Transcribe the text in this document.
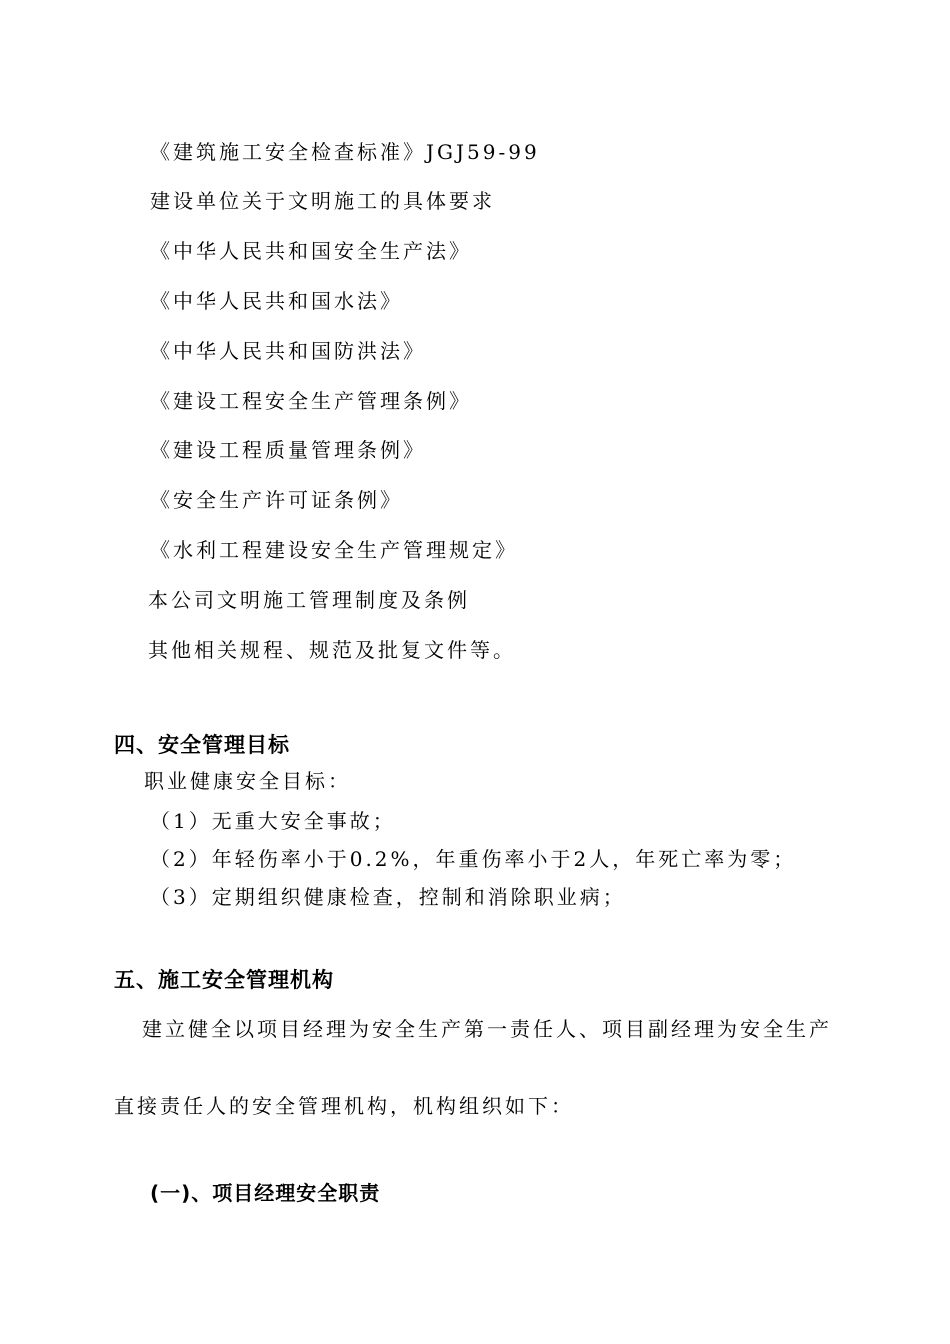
《建筑施工安全检查标准》JGJ59-99
建设单位关于文明施工的具体要求
《中华人民共和国安全生产法》
《中华人民共和国水法》
《中华人民共和国防洪法》
《建设工程安全生产管理条例》
《建设工程质量管理条例》
《安全生产许可证条例》
《水利工程建设安全生产管理规定》
本公司文明施工管理制度及条例
其他相关规程、规范及批复文件等。
四、安全管理目标
职业健康安全目标：
（1）无重大安全事故；
（2）年轻伤率小于0.2%，年重伤率小于2人，年死亡率为零；
（3）定期组织健康检查，控制和消除职业病；
五、施工安全管理机构
建立健全以项目经理为安全生产第一责任人、项目副经理为安全生产
直接责任人的安全管理机构，机构组织如下：
(一)、项目经理安全职责
